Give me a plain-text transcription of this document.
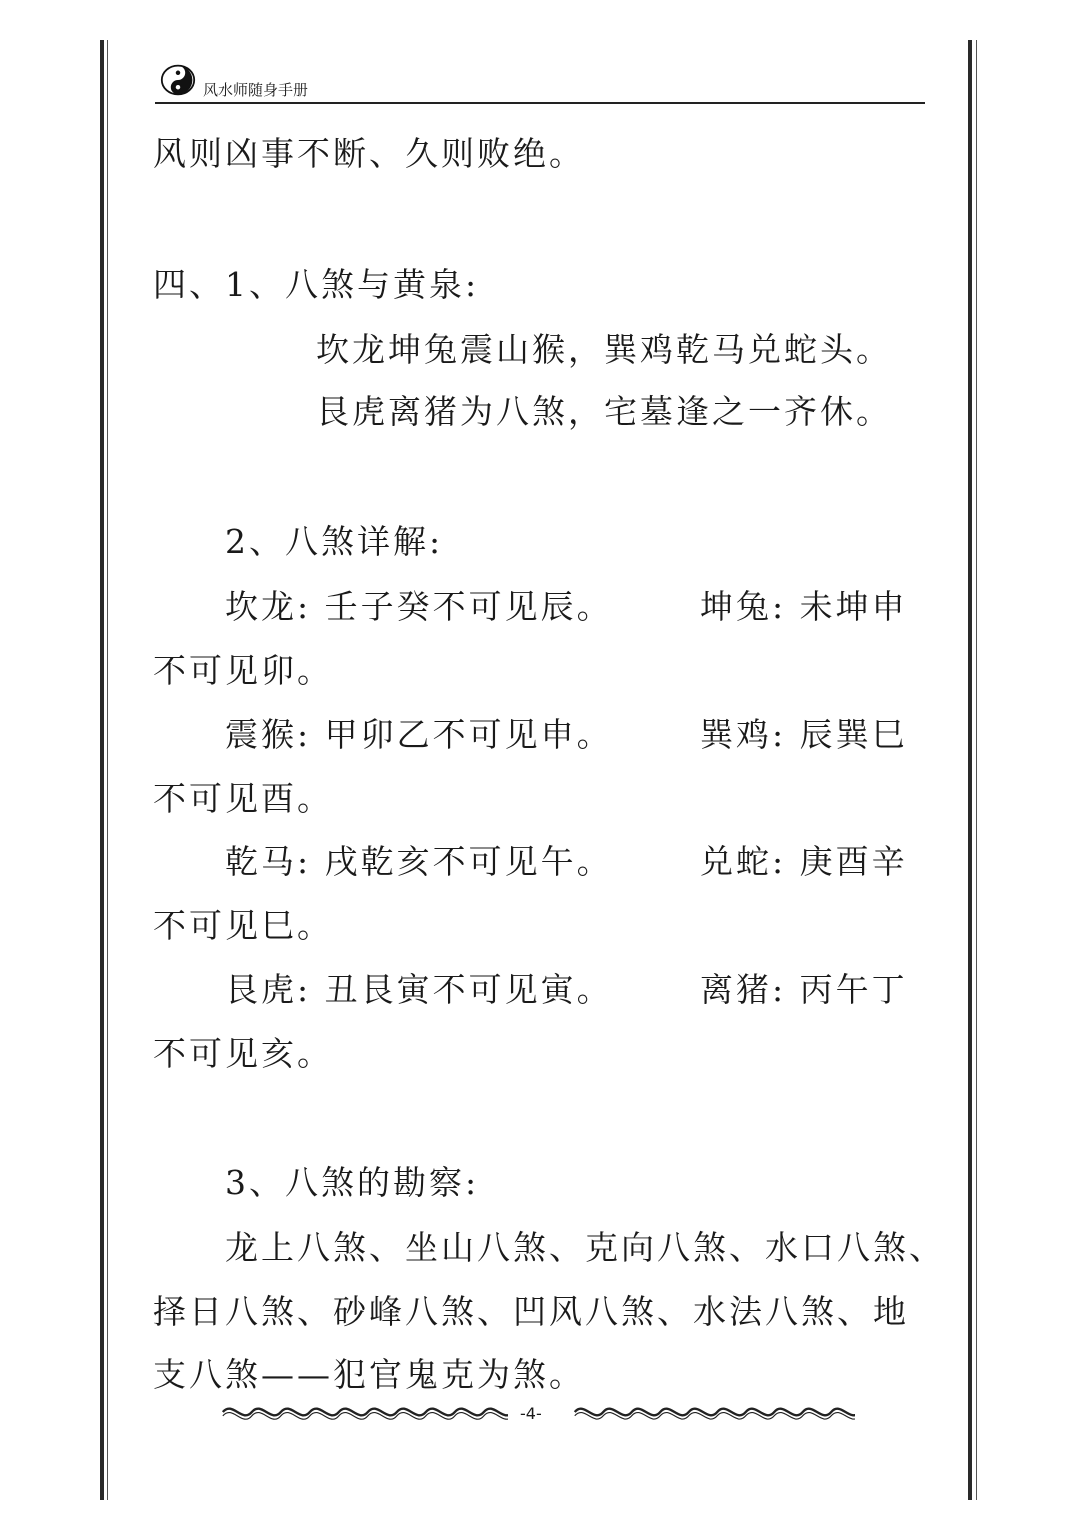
风水师随身手册
风则凶事不断、久则败绝。
四、1、八煞与黄泉:
坎龙坤兔震山猴，巽鸡乾马兑蛇头。
艮虎离猪为八煞，宅墓逢之一齐休。
2、八煞详解:
坎龙: 壬子癸不可见辰。	坤兔: 未坤申
不可见卯。
震猴: 甲卯乙不可见申。	巽鸡: 辰巽巳
不可见酉。
乾马: 戌乾亥不可见午。	兑蛇: 庚酉辛
不可见巳。
艮虎: 丑艮寅不可见寅。	离猪: 丙午丁
不可见亥。
3、八煞的勘察:
龙上八煞、坐山八煞、克向八煞、水口八煞、
择日八煞、砂峰八煞、凹风八煞、水法八煞、地
支八煞——犯官鬼克为煞。
-4-
